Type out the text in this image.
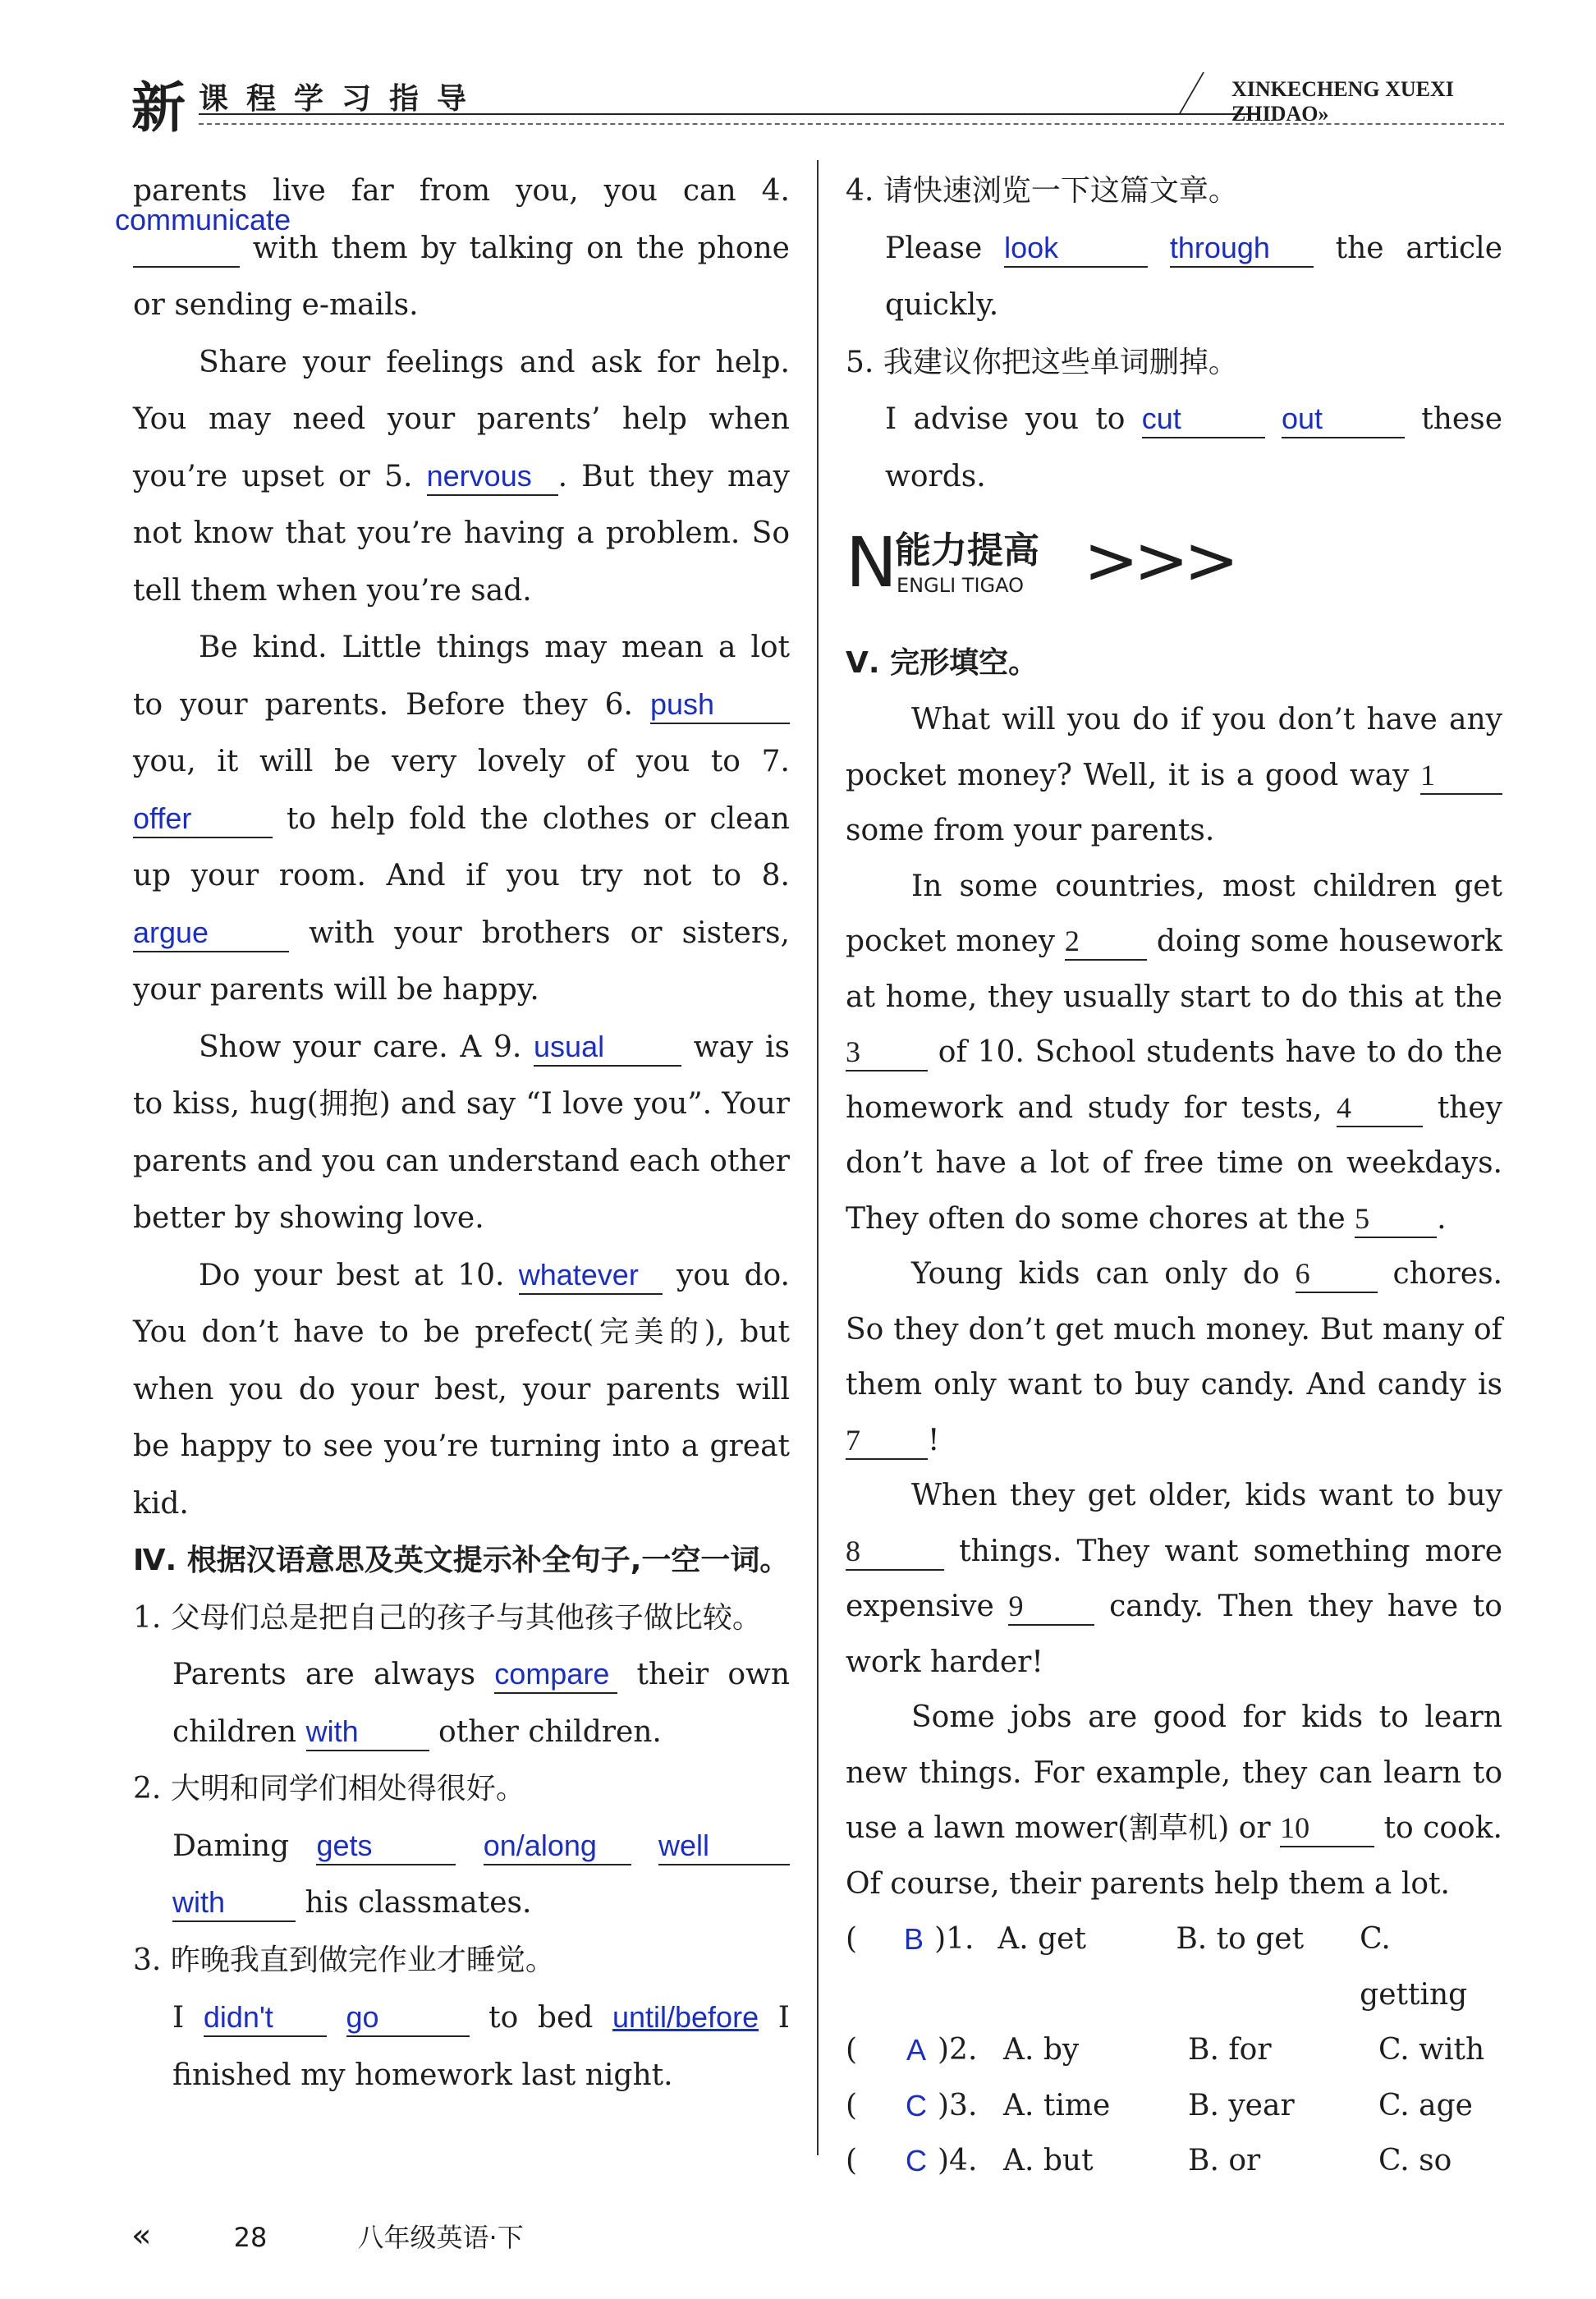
新 课程学习指导	XINKECHENG XUEXI ZHIDAO»

parents live far from you, you can 4.
communicate
with them by talking on the phone or sending e-mails.

Share your feelings and ask for help. You may need your parents’ help when you’re upset or 5. nervous . But they may not know that you’re having a problem. So tell them when you’re sad.

Be kind. Little things may mean a lot to your parents. Before they 6. push you, it will be very lovely of you to 7. offer	to help fold the clothes or clean up your room. And if you try not to 8. argue	with your brothers or sisters, your parents will be happy.

Show your care. A 9. usual	way is to kiss, hug(拥抱) and say “I love you”. Your parents and you can understand each other better by showing love.

Do your best at 10. whatever you do. You don’t have to be prefect(完美的), but when you do your best, your parents will be happy to see you’re turning into a great kid.

Ⅳ. 根据汉语意思及英文提示补全句子,一空一词。

1. 父母们总是把自己的孩子与其他孩子做比较。

Parents are always compare their own children with	other children.

2. 大明和同学们相处得很好。

Daming gets	on/along well with	his classmates.

3. 昨晚我直到做完作业才睡觉。

I didn't go	to bed until/before I finished my homework last night.

4. 请快速浏览一下这篇文章。

Please look	through the article quickly.

5. 我建议你把这些单词删掉。

I advise you to cut	out	these words.

N
能力提高
ENGLI TIGAO >>>

Ⅴ. 完形填空。

What will you do if you don’t have any pocket money? Well, it is a good way 1 some from your parents.

In some countries, most children get pocket money 2	doing some housework at home, they usually start to do this at the 3	of 10. School students have to do the homework and study for tests, 4	they don’t have a lot of free time on weekdays. They often do some chores at the 5 .

Young kids can only do 6	chores. So they don’t get much money. But many of them only want to buy candy. And candy is 7 !

When they get older, kids want to buy 8	things. They want something more expensive 9	candy. Then they have to work harder!

Some jobs are good for kids to learn new things. For example, they can learn to use a lawn mower(割草机) or 10	to cook. Of course, their parents help them a lot.

(	B )1. A. get	B. to get	C. getting
(	A )2. A. by	B. for	C. with
(	C )3. A. time	B. year	C. age
(	C )4. A. but	B. or	C. so
«	28	八年级英语·下
